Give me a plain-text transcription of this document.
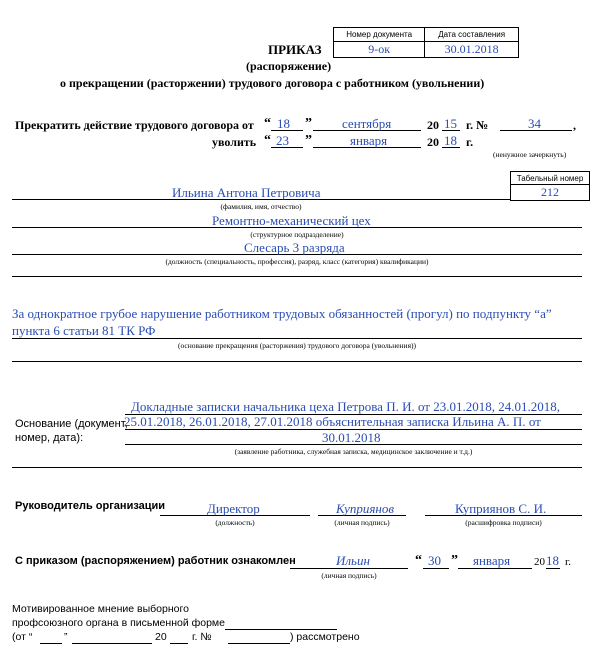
Номер документа	Дата составления
9-ок	30.01.2018
ПРИКАЗ
(распоряжение)
о прекращении (расторжении) трудового договора с работником (увольнении)
Прекратить действие трудового договора от “ 18 ” сентября	20 15 г. №	34	,
уволить “ 23 ”	января	20 18 г.
(ненужное зачеркнуть)
Табельный номер
212
Ильина Антона Петровича
(фамилия, имя, отчество)
Ремонтно-механический цех
(структурное подразделение)
Слесарь 3 разряда
(должность (специальность, профессия), разряд, класс (категория) квалификации)
За однократное грубое нарушение работником трудовых обязанностей (прогул) по подпункту “а”
пункта 6 статьи 81 ТК РФ
(основание прекращения (расторжения) трудового договора (увольнения))
Основание (документ,
номер, дата):
Докладные записки начальника цеха Петрова П. И. от 23.01.2018, 24.01.2018,
25.01.2018, 26.01.2018, 27.01.2018 объяснительная записка Ильина А. П. от
30.01.2018
(заявление работника, служебная записка, медицинское заключение и т.д.)
Руководитель организации	Директор
(должность)
Куприянов
(личная подпись)
Куприянов С. И.
(расшифровка подписи)
С приказом (распоряжением) работник ознакомлен	Ильин
(личная подпись)
“ 30 ” января 20 18 г.
Мотивированное мнение выборного
профсоюзного органа в письменной форме
(от “	”	20 г. №	) рассмотрено
